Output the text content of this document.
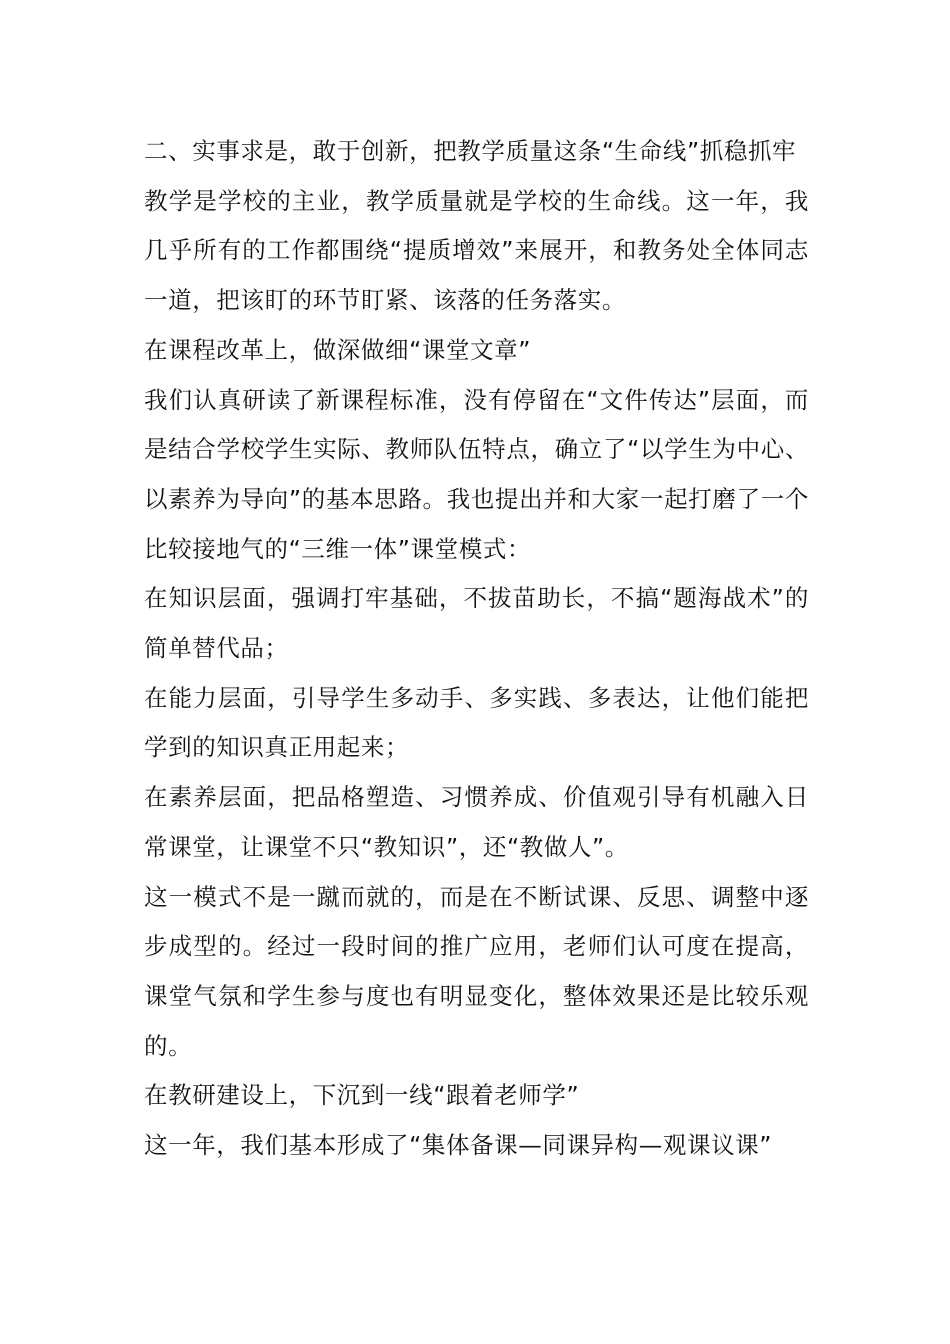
二、实事求是，敢于创新，把教学质量这条“生命线”抓稳抓牢

教学是学校的主业，教学质量就是学校的生命线。这一年，我几乎所有的工作都围绕“提质增效”来展开，和教务处全体同志一道，把该盯的环节盯紧、该落的任务落实。

在课程改革上，做深做细“课堂文章”

我们认真研读了新课程标准，没有停留在“文件传达”层面，而是结合学校学生实际、教师队伍特点，确立了“以学生为中心、以素养为导向”的基本思路。我也提出并和大家一起打磨了一个比较接地气的“三维一体”课堂模式：

在知识层面，强调打牢基础，不拔苗助长，不搞“题海战术”的简单替代品；

在能力层面，引导学生多动手、多实践、多表达，让他们能把学到的知识真正用起来；

在素养层面，把品格塑造、习惯养成、价值观引导有机融入日常课堂，让课堂不只“教知识”，还“教做人”。

这一模式不是一蹴而就的，而是在不断试课、反思、调整中逐步成型的。经过一段时间的推广应用，老师们认可度在提高，课堂气氛和学生参与度也有明显变化，整体效果还是比较乐观的。

在教研建设上，下沉到一线“跟着老师学”

这一年，我们基本形成了“集体备课—同课异构—观课议课”
